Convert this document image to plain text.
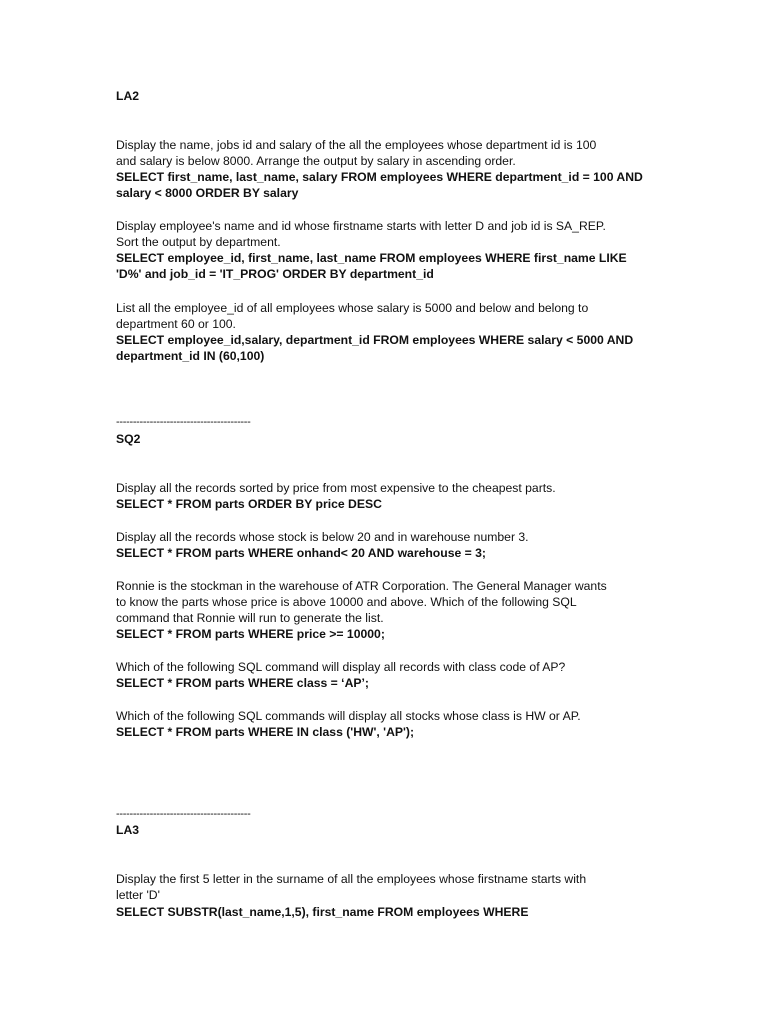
LA2
Display the name, jobs id and salary of the all the employees whose department id is 100
and salary is below 8000. Arrange the output by salary in ascending order.
SELECT first_name, last_name, salary FROM employees WHERE department_id = 100 AND
salary < 8000 ORDER BY salary
Display employee's name and id whose firstname starts with letter D and job id is SA_REP.
Sort the output by department.
SELECT employee_id, first_name, last_name FROM employees WHERE first_name LIKE
'D%' and job_id = 'IT_PROG' ORDER BY department_id
List all the employee_id of all employees whose salary is 5000 and below and belong to
department 60 or 100.
SELECT employee_id,salary, department_id FROM employees WHERE salary < 5000 AND
department_id IN (60,100)
----------------------------------------
SQ2
Display all the records sorted by price from most expensive to the cheapest parts.
SELECT * FROM parts ORDER BY price DESC
Display all the records whose stock is below 20 and in warehouse number 3.
SELECT * FROM parts WHERE onhand< 20 AND warehouse = 3;
Ronnie is the stockman in the warehouse of ATR Corporation. The General Manager wants
to know the parts whose price is above 10000 and above. Which of the following SQL
command that Ronnie will run to generate the list.
SELECT * FROM parts WHERE price >= 10000;
Which of the following SQL command will display all records with class code of AP?
SELECT * FROM parts WHERE class = ‘AP’;
Which of the following SQL commands will display all stocks whose class is HW or AP.
SELECT * FROM parts WHERE IN class ('HW', 'AP');
----------------------------------------
LA3
Display the first 5 letter in the surname of all the employees whose firstname starts with
letter 'D'
SELECT SUBSTR(last_name,1,5), first_name FROM employees WHERE
